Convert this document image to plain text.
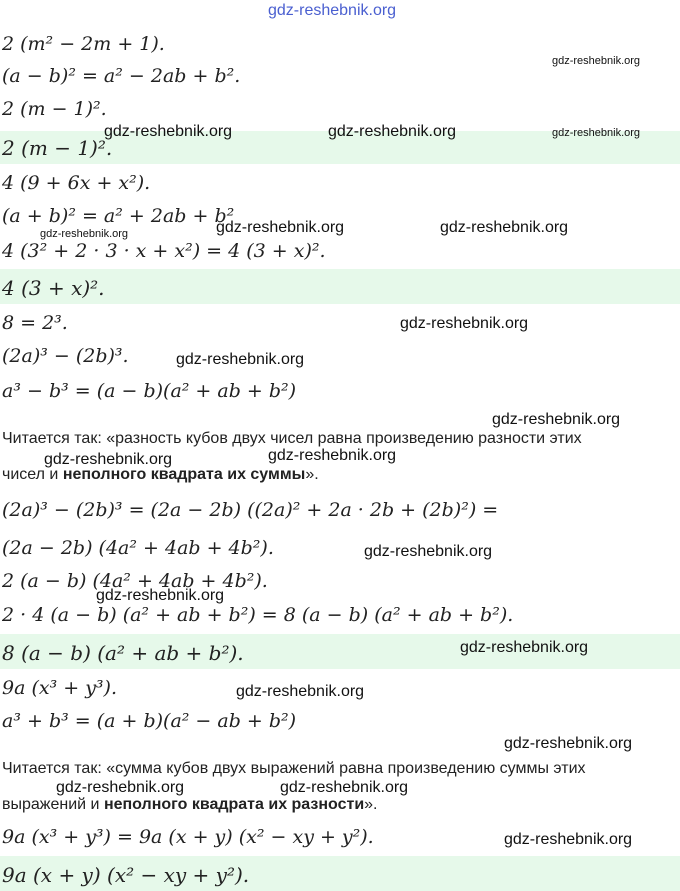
2 (m² − 2m + 1).
(a − b)² = a² − 2ab + b².
2 (m − 1)².
2 (m − 1)².
4 (9 + 6x + x²).
(a + b)² = a² + 2ab + b²
4 (3² + 2 · 3 · x + x²) = 4 (3 + x)².
4 (3 + x)².
8 = 2³.
(2a)³ − (2b)³.
a³ − b³ = (a − b)(a² + ab + b²)
Читается так: «разность кубов двух чисел равна произведению разности этих
чисел и неполного квадрата их суммы».
(2a)³ − (2b)³ = (2a − 2b) ((2a)² + 2a · 2b + (2b)²) =
(2a − 2b) (4a² + 4ab + 4b²).
2 (a − b) (4a² + 4ab + 4b²).
2 · 4 (a − b) (a² + ab + b²) = 8 (a − b) (a² + ab + b²).
8 (a − b) (a² + ab + b²).
9a (x³ + y³).
a³ + b³ = (a + b)(a² − ab + b²)
Читается так: «сумма кубов двух выражений равна произведению суммы этих
выражений и неполного квадрата их разности».
9a (x³ + y³) = 9a (x + y) (x² − xy + y²).
9a (x + y) (x² − xy + y²).
gdz-reshebnik.org
gdz-reshebnik.org
gdz-reshebnik.org	gdz-reshebnik.org	gdz-reshebnik.org
gdz-reshebnik.org	gdz-reshebnik.org	gdz-reshebnik.org
gdz-reshebnik.org
gdz-reshebnik.org
gdz-reshebnik.org
gdz-reshebnik.org	gdz-reshebnik.org
gdz-reshebnik.org
gdz-reshebnik.org
gdz-reshebnik.org
gdz-reshebnik.org
gdz-reshebnik.org
gdz-reshebnik.org	gdz-reshebnik.org
gdz-reshebnik.org
